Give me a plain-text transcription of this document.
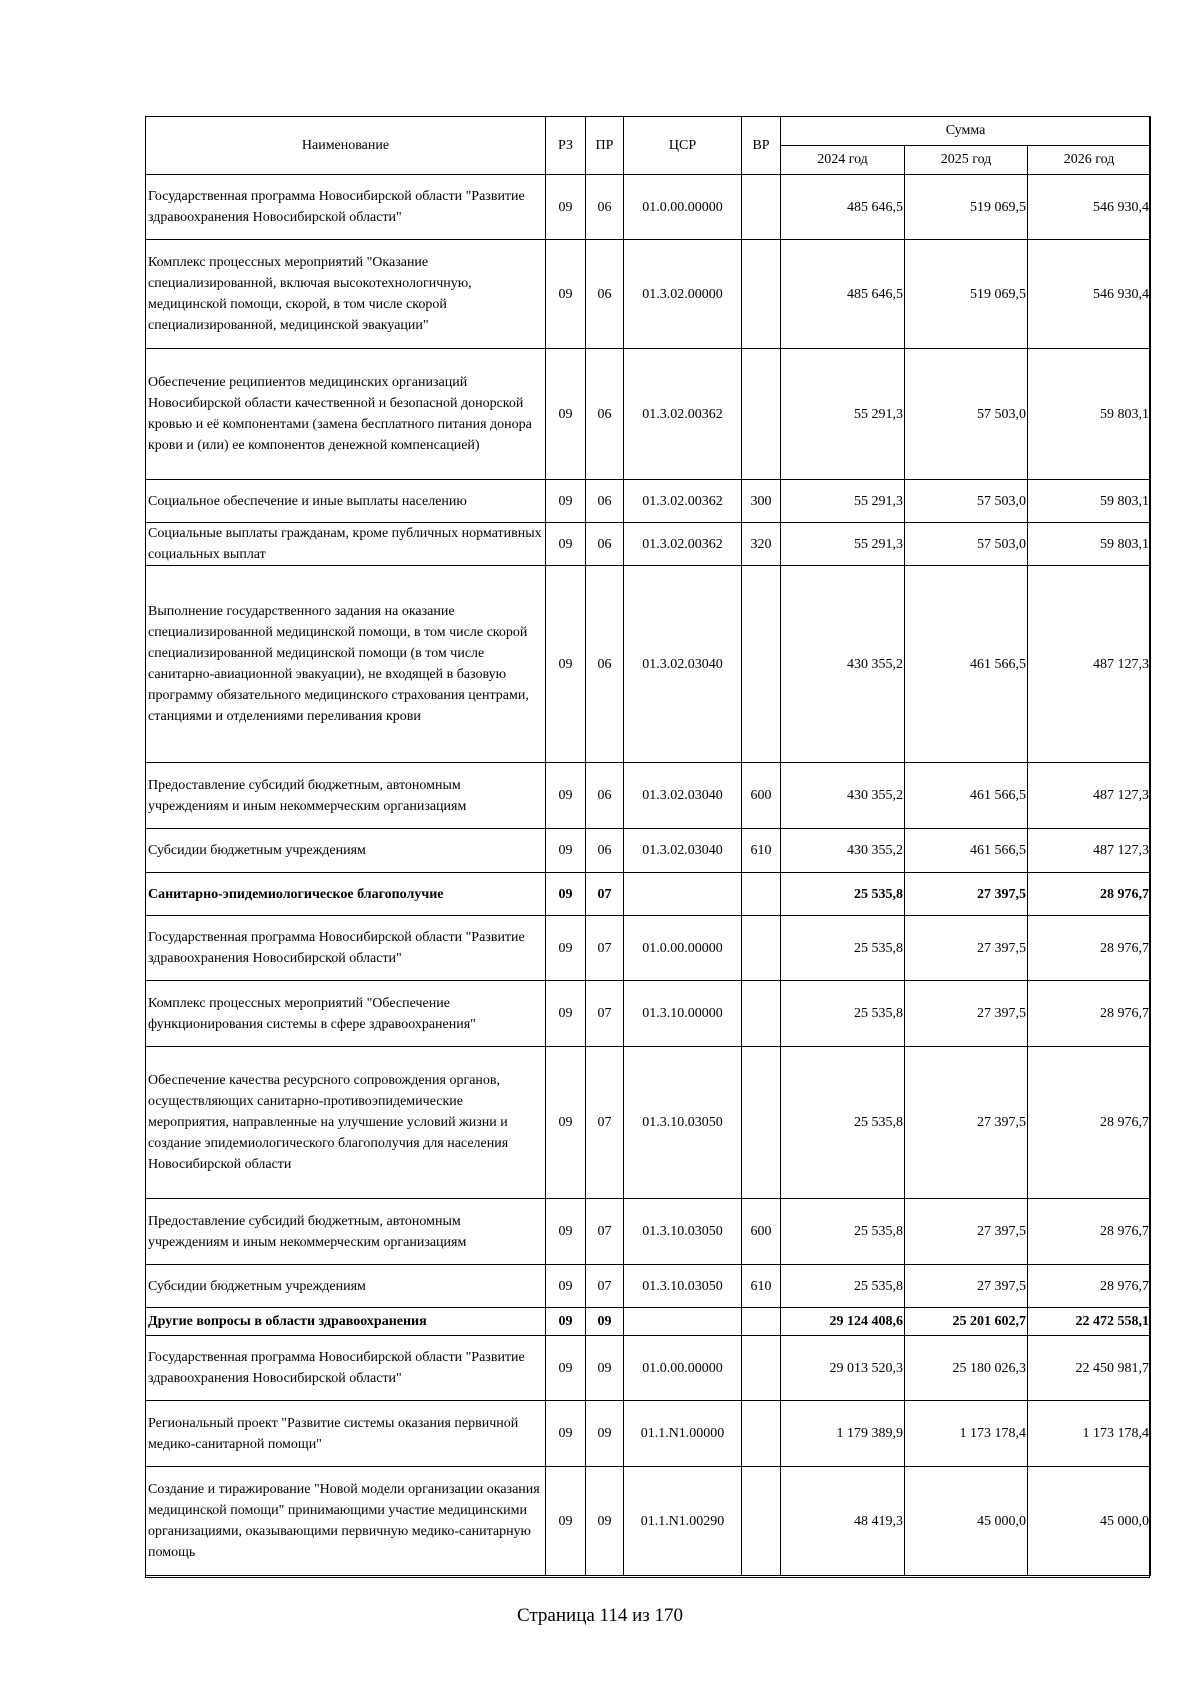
Наименование	РЗ	ПР	ЦСР	ВР	Сумма		
					2024 год	2025 год	2026 год
Государственная программа Новосибирской области "Развитие здравоохранения Новосибирской области"	09	06	01.0.00.00000		485 646,5	519 069,5	546 930,4
Комплекс процессных мероприятий "Оказание специализированной, включая высокотехнологичную, медицинской помощи, скорой, в том числе скорой специализированной, медицинской эвакуации"	09	06	01.3.02.00000		485 646,5	519 069,5	546 930,4
Обеспечение реципиентов медицинских организаций Новосибирской области качественной и безопасной донорской кровью и её компонентами (замена бесплатного питания донора крови и (или) ее компонентов денежной компенсацией)	09	06	01.3.02.00362		55 291,3	57 503,0	59 803,1
Социальное обеспечение и иные выплаты населению	09	06	01.3.02.00362	300	55 291,3	57 503,0	59 803,1
Социальные выплаты гражданам, кроме публичных нормативных социальных выплат	09	06	01.3.02.00362	320	55 291,3	57 503,0	59 803,1
Выполнение государственного задания на оказание специализированной медицинской помощи, в том числе скорой специализированной медицинской помощи (в том числе санитарно-авиационной эвакуации), не входящей в базовую программу обязательного медицинского страхования центрами, станциями и отделениями переливания крови	09	06	01.3.02.03040		430 355,2	461 566,5	487 127,3
Предоставление субсидий бюджетным, автономным учреждениям и иным некоммерческим организациям	09	06	01.3.02.03040	600	430 355,2	461 566,5	487 127,3
Субсидии бюджетным учреждениям	09	06	01.3.02.03040	610	430 355,2	461 566,5	487 127,3
Санитарно-эпидемиологическое благополучие	09	07			25 535,8	27 397,5	28 976,7
Государственная программа Новосибирской области "Развитие здравоохранения Новосибирской области"	09	07	01.0.00.00000		25 535,8	27 397,5	28 976,7
Комплекс процессных мероприятий "Обеспечение функционирования системы в сфере здравоохранения"	09	07	01.3.10.00000		25 535,8	27 397,5	28 976,7
Обеспечение качества ресурсного сопровождения органов, осуществляющих санитарно-противоэпидемические мероприятия, направленные на улучшение условий жизни и создание эпидемиологического благополучия для населения Новосибирской области	09	07	01.3.10.03050		25 535,8	27 397,5	28 976,7
Предоставление субсидий бюджетным, автономным учреждениям и иным некоммерческим организациям	09	07	01.3.10.03050	600	25 535,8	27 397,5	28 976,7
Субсидии бюджетным учреждениям	09	07	01.3.10.03050	610	25 535,8	27 397,5	28 976,7
Другие вопросы в области здравоохранения	09	09			29 124 408,6	25 201 602,7	22 472 558,1
Государственная программа Новосибирской области "Развитие здравоохранения Новосибирской области"	09	09	01.0.00.00000		29 013 520,3	25 180 026,3	22 450 981,7
Региональный проект "Развитие системы оказания первичной медико-санитарной помощи"	09	09	01.1.N1.00000		1 179 389,9	1 173 178,4	1 173 178,4
Создание и тиражирование "Новой модели организации оказания медицинской помощи" принимающими участие медицинскими организациями, оказывающими первичную медико-санитарную помощь	09	09	01.1.N1.00290		48 419,3	45 000,0	45 000,0
Страница 114 из 170
